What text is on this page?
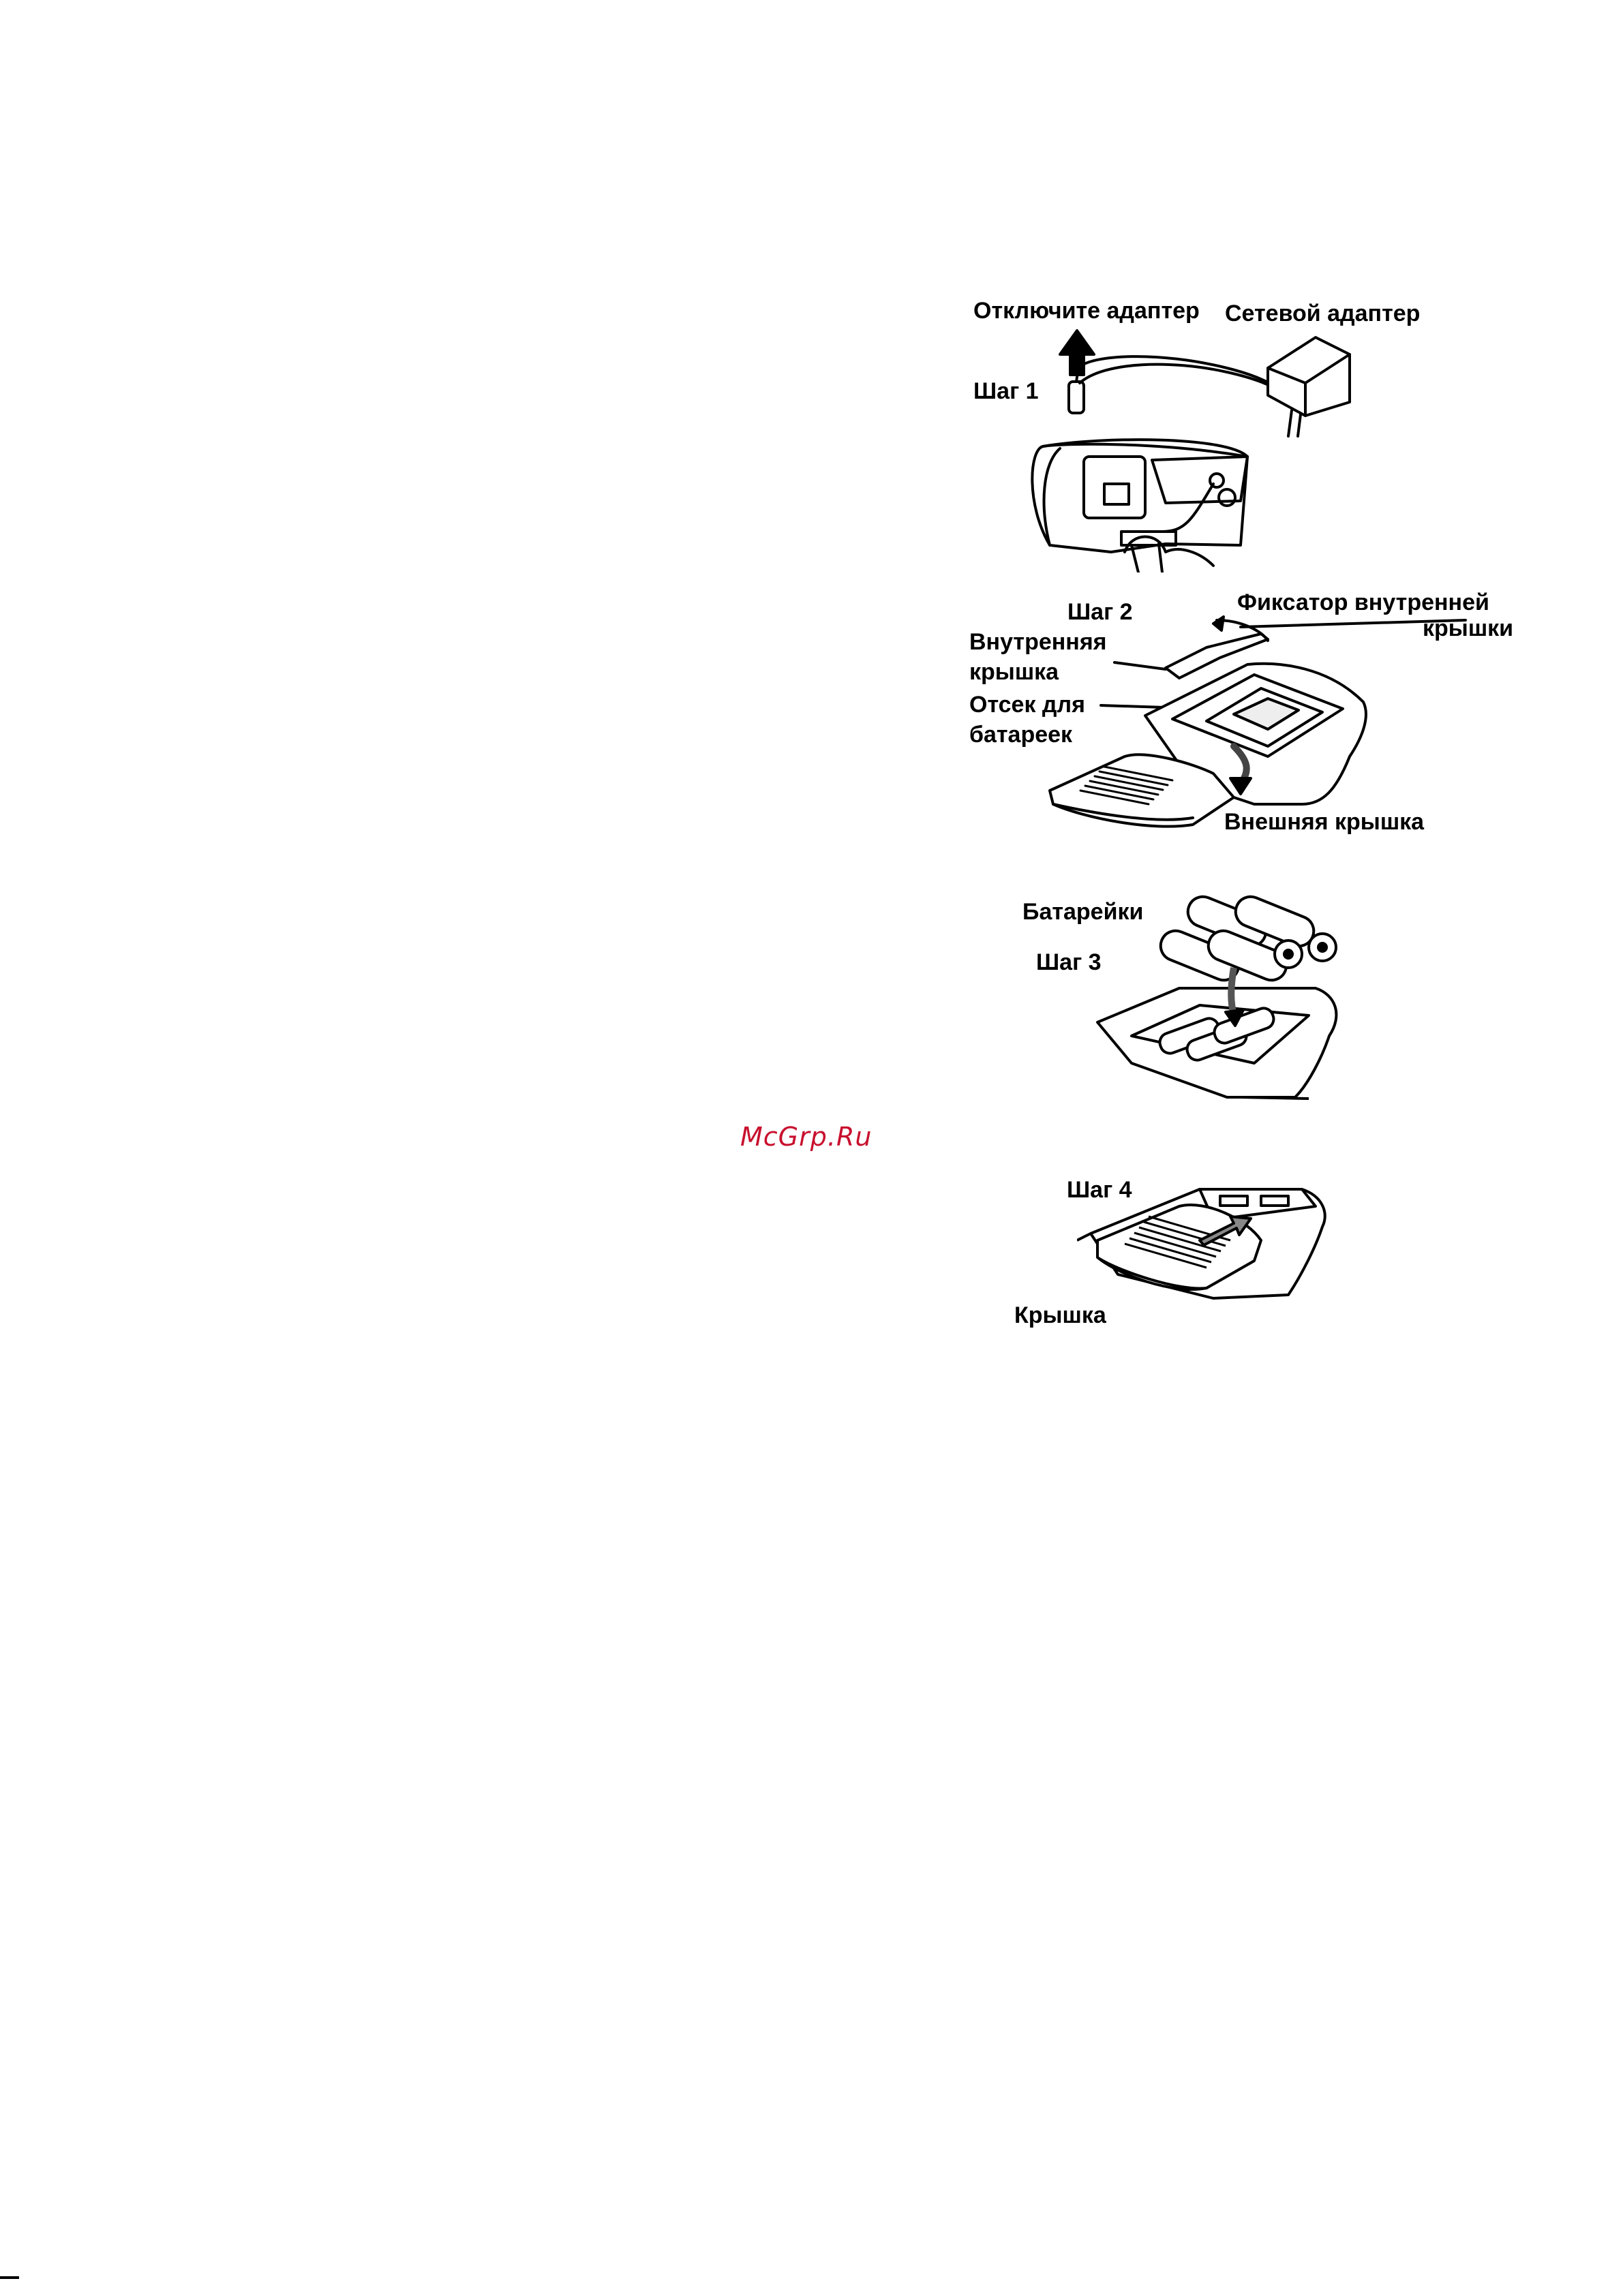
Отключите адаптер Сетевой адаптер
Шаг 1
Шаг 2	Фиксатор внутренней
крышки
Внутренняя
крышка
Отсек для
батареек
Внешняя крышка
Батарейки
Шаг 3
McGrp.Ru
Шаг 4
Крышка
